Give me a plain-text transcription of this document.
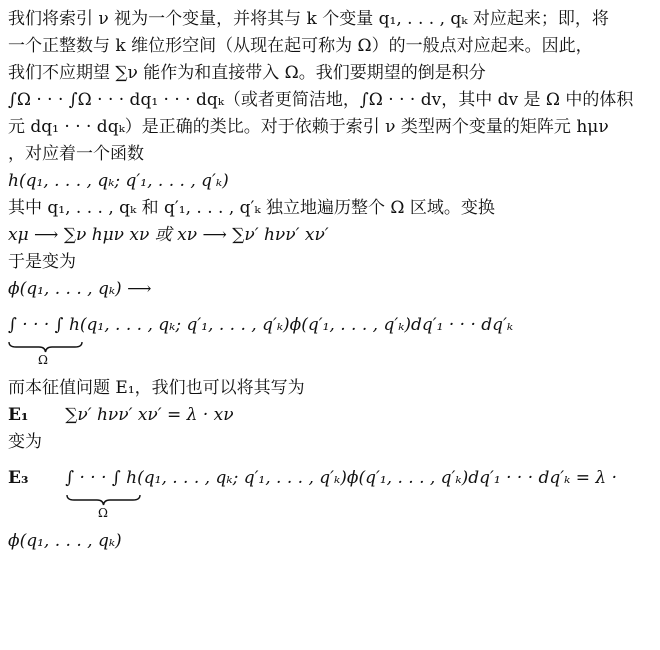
我们将索引 ν 视为一个变量，并将其与 k 个变量 q₁, . . . , qₖ 对应起来；即，将
一个正整数与 k 维位形空间（从现在起可称为 Ω）的一般点对应起来。因此，
我们不应期望 ∑ν 能作为和直接带入 Ω。我们要期望的倒是积分
∫Ω · · · ∫Ω · · · dq₁ · · · dqₖ（或者更简洁地，∫Ω · · · dv，其中 dv 是 Ω 中的体积
元 dq₁ · · · dqₖ）是正确的类比。对于依赖于索引 ν 类型两个变量的矩阵元 hμν
，对应着一个函数
h(q₁, . . . , qₖ; q′₁, . . . , q′ₖ)
其中 q₁, . . . , qₖ 和 q′₁, . . . , q′ₖ 独立地遍历整个 Ω 区域。变换
xμ ⟶ ∑ν hμν xν 或 xν ⟶ ∑ν′ hνν′ xν′
于是变为
ϕ(q₁, . . . , qₖ) ⟶
∫ · · · ∫ h(q₁, . . . , qₖ; q′₁, . . . , q′ₖ)ϕ(q′₁, . . . , q′ₖ)dq′₁ · · · dq′ₖ
Ω
而本征值问题 E₁，我们也可以将其写为
E₁ ∑ν′ hνν′ xν′ = λ · xν
变为
E₃ ∫ · · · ∫ h(q₁, . . . , qₖ; q′₁, . . . , q′ₖ)ϕ(q′₁, . . . , q′ₖ)dq′₁ · · · dq′ₖ = λ ·
Ω
ϕ(q₁, . . . , qₖ)
